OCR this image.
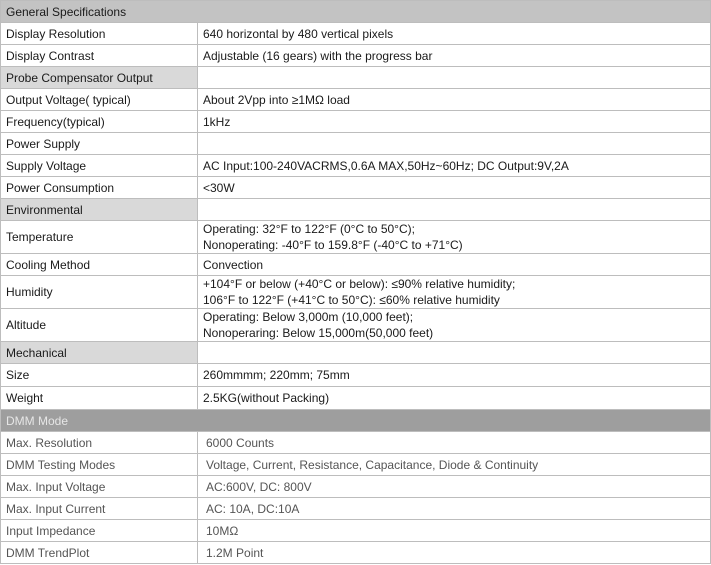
General Specifications	
Display Resolution	640 horizontal by 480 vertical pixels
Display Contrast	Adjustable (16 gears) with the progress bar
Probe Compensator Output	
Output Voltage( typical)	About 2Vpp into ≥1MΩ load
Frequency(typical)	1kHz
Power Supply	
Supply Voltage	AC Input:100-240VACRMS,0.6A MAX,50Hz~60Hz; DC Output:9V,2A
Power Consumption	<30W
Environmental	
Temperature	Operating: 32°F to 122°F (0°C to 50°C);
Nonoperating: -40°F to 159.8°F (-40°C to +71°C)

Cooling Method	Convection
Humidity	+104°F or below (+40°C or below): ≤90% relative humidity;
106°F to 122°F (+41°C to 50°C): ≤60% relative humidity

Altitude	Operating: Below 3,000m (10,000 feet);
Nonoperaring: Below 15,000m(50,000 feet)

Mechanical	
Size	260mmmm; 220mm; 75mm
Weight	2.5KG(without Packing)
DMM Mode	
Max. Resolution	6000 Counts
DMM Testing Modes	Voltage, Current, Resistance, Capacitance, Diode & Continuity
Max. Input Voltage	AC:600V, DC: 800V
Max. Input Current	AC: 10A, DC:10A
Input Impedance	10MΩ
DMM TrendPlot	1.2M Point
